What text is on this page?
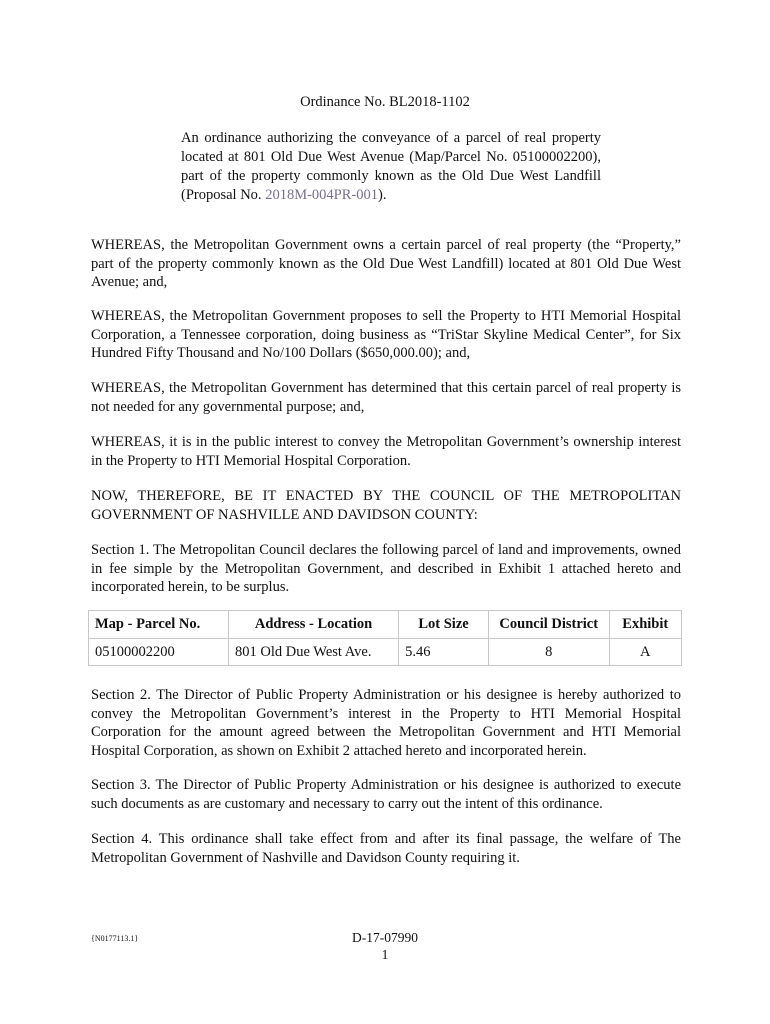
Ordinance No. BL2018-1102
An ordinance authorizing the conveyance of a parcel of real property located at 801 Old Due West Avenue (Map/Parcel No. 05100002200), part of the property commonly known as the Old Due West Landfill (Proposal No. 2018M-004PR-001).

WHEREAS, the Metropolitan Government owns a certain parcel of real property (the “Property,” part of the property commonly known as the Old Due West Landfill) located at 801 Old Due West Avenue; and,

WHEREAS, the Metropolitan Government proposes to sell the Property to HTI Memorial Hospital Corporation, a Tennessee corporation, doing business as “TriStar Skyline Medical Center”, for Six Hundred Fifty Thousand and No/100 Dollars ($650,000.00); and,

WHEREAS, the Metropolitan Government has determined that this certain parcel of real property is not needed for any governmental purpose; and,

WHEREAS, it is in the public interest to convey the Metropolitan Government’s ownership interest in the Property to HTI Memorial Hospital Corporation.

NOW, THEREFORE, BE IT ENACTED BY THE COUNCIL OF THE METROPOLITAN GOVERNMENT OF NASHVILLE AND DAVIDSON COUNTY:

Section 1. The Metropolitan Council declares the following parcel of land and improvements, owned in fee simple by the Metropolitan Government, and described in Exhibit 1 attached hereto and incorporated herein, to be surplus.

Map - Parcel No.	Address - Location	Lot Size	Council District	Exhibit
05100002200	801 Old Due West Ave.	5.46	8	A

Section 2. The Director of Public Property Administration or his designee is hereby authorized to convey the Metropolitan Government’s interest in the Property to HTI Memorial Hospital Corporation for the amount agreed between the Metropolitan Government and HTI Memorial Hospital Corporation, as shown on Exhibit 2 attached hereto and incorporated herein.

Section 3. The Director of Public Property Administration or his designee is authorized to execute such documents as are customary and necessary to carry out the intent of this ordinance.

Section 4. This ordinance shall take effect from and after its final passage, the welfare of The Metropolitan Government of Nashville and Davidson County requiring it.

{N0177113.1}	D-17-07990
1
